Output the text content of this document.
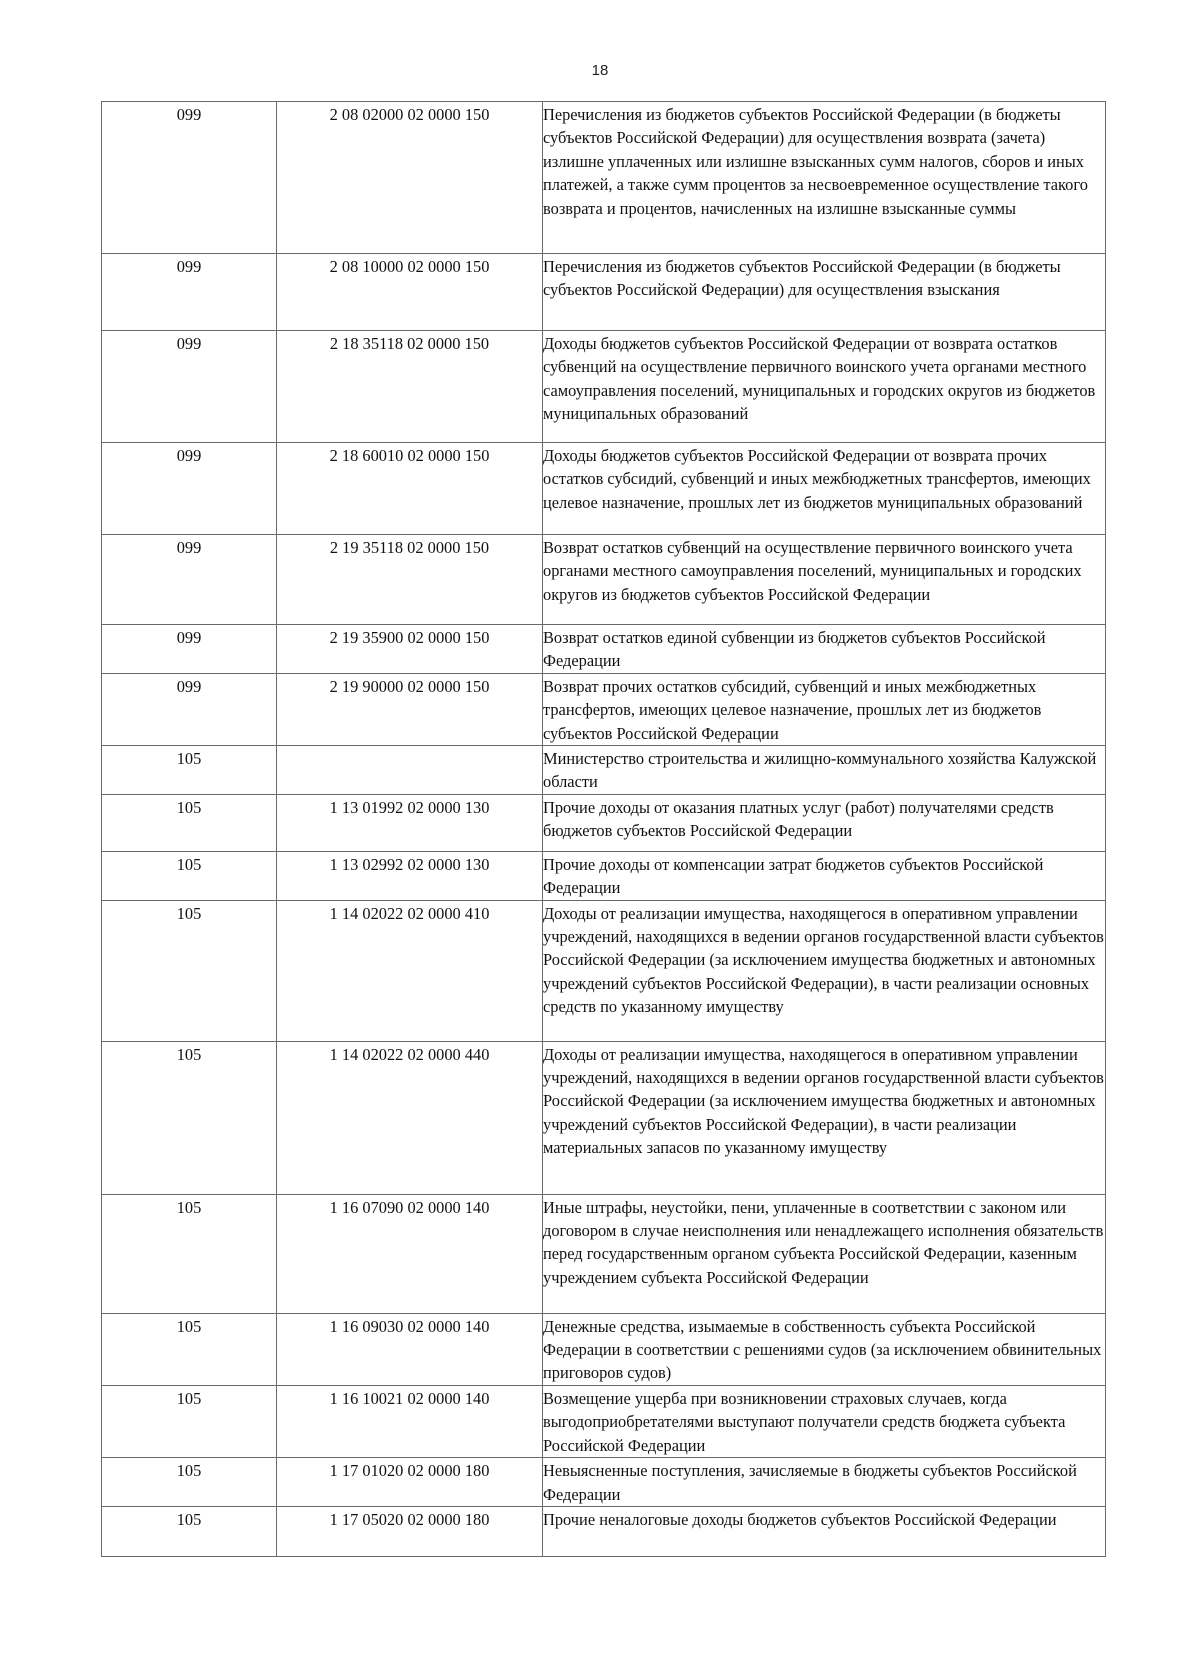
18
099	2 08 02000 02 0000 150	Перечисления из бюджетов субъектов Российской Федерации (в бюджеты субъектов Российской Федерации) для осуществления возврата (зачета) излишне уплаченных или излишне взысканных сумм налогов, сборов и иных платежей, а также сумм процентов за несвоевременное осуществление такого возврата и процентов, начисленных на излишне взысканные суммы
099	2 08 10000 02 0000 150	Перечисления из бюджетов субъектов Российской Федерации (в бюджеты субъектов Российской Федерации) для осуществления взыскания
099	2 18 35118 02 0000 150	Доходы бюджетов субъектов Российской Федерации от возврата остатков субвенций на осуществление первичного воинского учета органами местного самоуправления поселений, муниципальных и городских округов из бюджетов муниципальных образований
099	2 18 60010 02 0000 150	Доходы бюджетов субъектов Российской Федерации от возврата прочих остатков субсидий, субвенций и иных межбюджетных трансфертов, имеющих целевое назначение, прошлых лет из бюджетов муниципальных образований
099	2 19 35118 02 0000 150	Возврат остатков субвенций на осуществление первичного воинского учета органами местного самоуправления поселений, муниципальных и городских округов из бюджетов субъектов Российской Федерации
099	2 19 35900 02 0000 150	Возврат остатков единой субвенции из бюджетов субъектов Российской Федерации
099	2 19 90000 02 0000 150	Возврат прочих остатков субсидий, субвенций и иных межбюджетных трансфертов, имеющих целевое назначение, прошлых лет из бюджетов субъектов Российской Федерации
105		Министерство строительства и жилищно-коммунального хозяйства Калужской области
105	1 13 01992 02 0000 130	Прочие доходы от оказания платных услуг (работ) получателями средств бюджетов субъектов Российской Федерации
105	1 13 02992 02 0000 130	Прочие доходы от компенсации затрат бюджетов субъектов Российской Федерации
105	1 14 02022 02 0000 410	Доходы от реализации имущества, находящегося в оперативном управлении учреждений, находящихся в ведении органов государственной власти субъектов Российской Федерации (за исключением имущества бюджетных и автономных учреждений субъектов Российской Федерации), в части реализации основных средств по указанному имуществу
105	1 14 02022 02 0000 440	Доходы от реализации имущества, находящегося в оперативном управлении учреждений, находящихся в ведении органов государственной власти субъектов Российской Федерации (за исключением имущества бюджетных и автономных учреждений субъектов Российской Федерации), в части реализации материальных запасов по указанному имуществу
105	1 16 07090 02 0000 140	Иные штрафы, неустойки, пени, уплаченные в соответствии с законом или договором в случае неисполнения или ненадлежащего исполнения обязательств перед государственным органом субъекта Российской Федерации, казенным учреждением субъекта Российской Федерации
105	1 16 09030 02 0000 140	Денежные средства, изымаемые в собственность субъекта Российской Федерации в соответствии с решениями судов (за исключением обвинительных приговоров судов)
105	1 16 10021 02 0000 140	Возмещение ущерба при возникновении страховых случаев, когда выгодоприобретателями выступают получатели средств бюджета субъекта Российской Федерации
105	1 17 01020 02 0000 180	Невыясненные поступления, зачисляемые в бюджеты субъектов Российской Федерации
105	1 17 05020 02 0000 180	Прочие неналоговые доходы бюджетов субъектов Российской Федерации
